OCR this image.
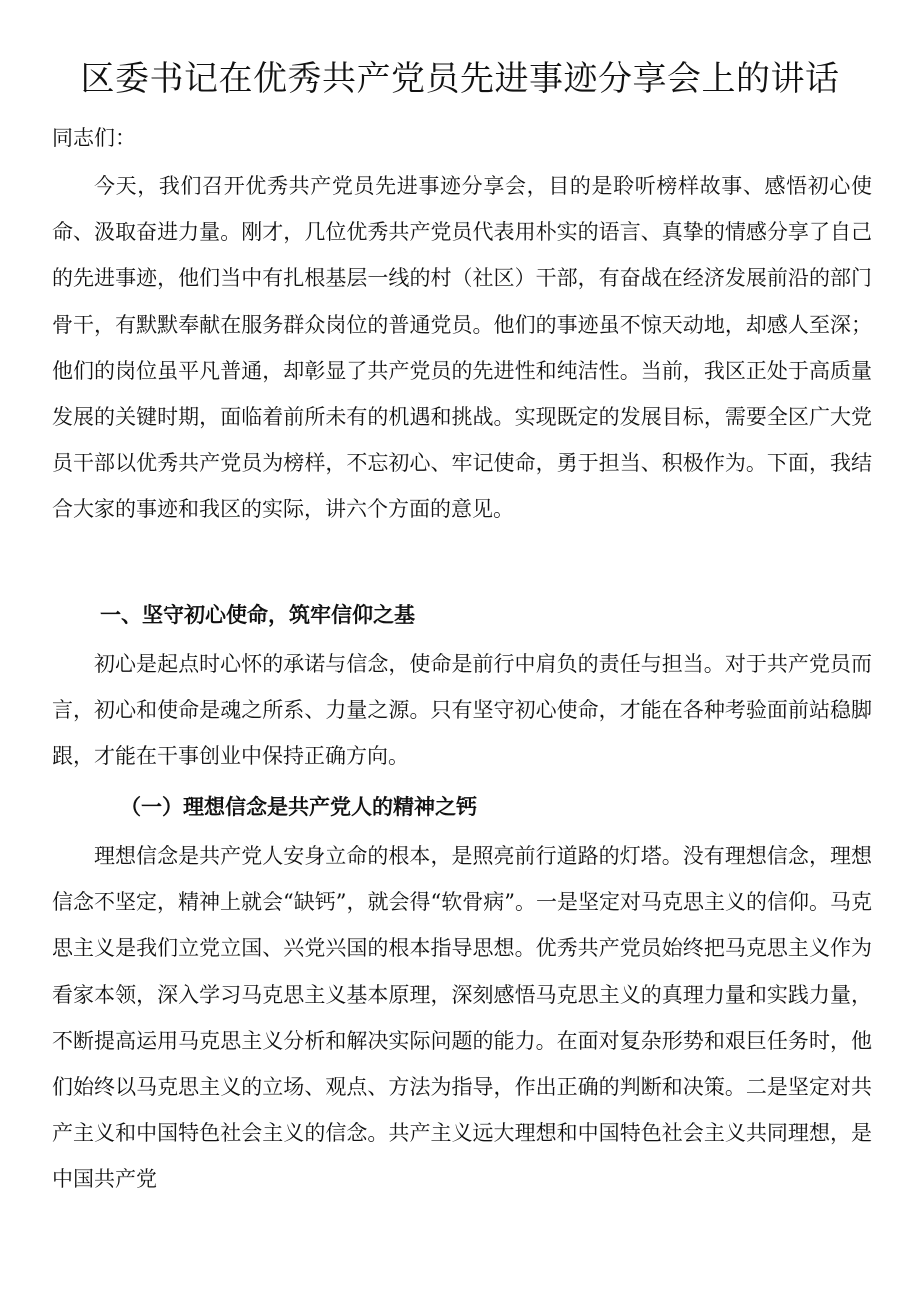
区委书记在优秀共产党员先进事迹分享会上的讲话

同志们：

今天，我们召开优秀共产党员先进事迹分享会，目的是聆听榜样故事、感悟初心使命、汲取奋进力量。刚才，几位优秀共产党员代表用朴实的语言、真挚的情感分享了自己的先进事迹，他们当中有扎根基层一线的村（社区）干部，有奋战在经济发展前沿的部门骨干，有默默奉献在服务群众岗位的普通党员。他们的事迹虽不惊天动地，却感人至深；他们的岗位虽平凡普通，却彰显了共产党员的先进性和纯洁性。当前，我区正处于高质量发展的关键时期，面临着前所未有的机遇和挑战。实现既定的发展目标，需要全区广大党员干部以优秀共产党员为榜样，不忘初心、牢记使命，勇于担当、积极作为。下面，我结合大家的事迹和我区的实际，讲六个方面的意见。

一、坚守初心使命，筑牢信仰之基

初心是起点时心怀的承诺与信念，使命是前行中肩负的责任与担当。对于共产党员而言，初心和使命是魂之所系、力量之源。只有坚守初心使命，才能在各种考验面前站稳脚跟，才能在干事创业中保持正确方向。

（一）理想信念是共产党人的精神之钙

理想信念是共产党人安身立命的根本，是照亮前行道路的灯塔。没有理想信念，理想信念不坚定，精神上就会“缺钙”，就会得“软骨病”。一是坚定对马克思主义的信仰。马克思主义是我们立党立国、兴党兴国的根本指导思想。优秀共产党员始终把马克思主义作为看家本领，深入学习马克思主义基本原理，深刻感悟马克思主义的真理力量和实践力量，不断提高运用马克思主义分析和解决实际问题的能力。在面对复杂形势和艰巨任务时，他们始终以马克思主义的立场、观点、方法为指导，作出正确的判断和决策。二是坚定对共产主义和中国特色社会主义的信念。共产主义远大理想和中国特色社会主义共同理想，是中国共产党
